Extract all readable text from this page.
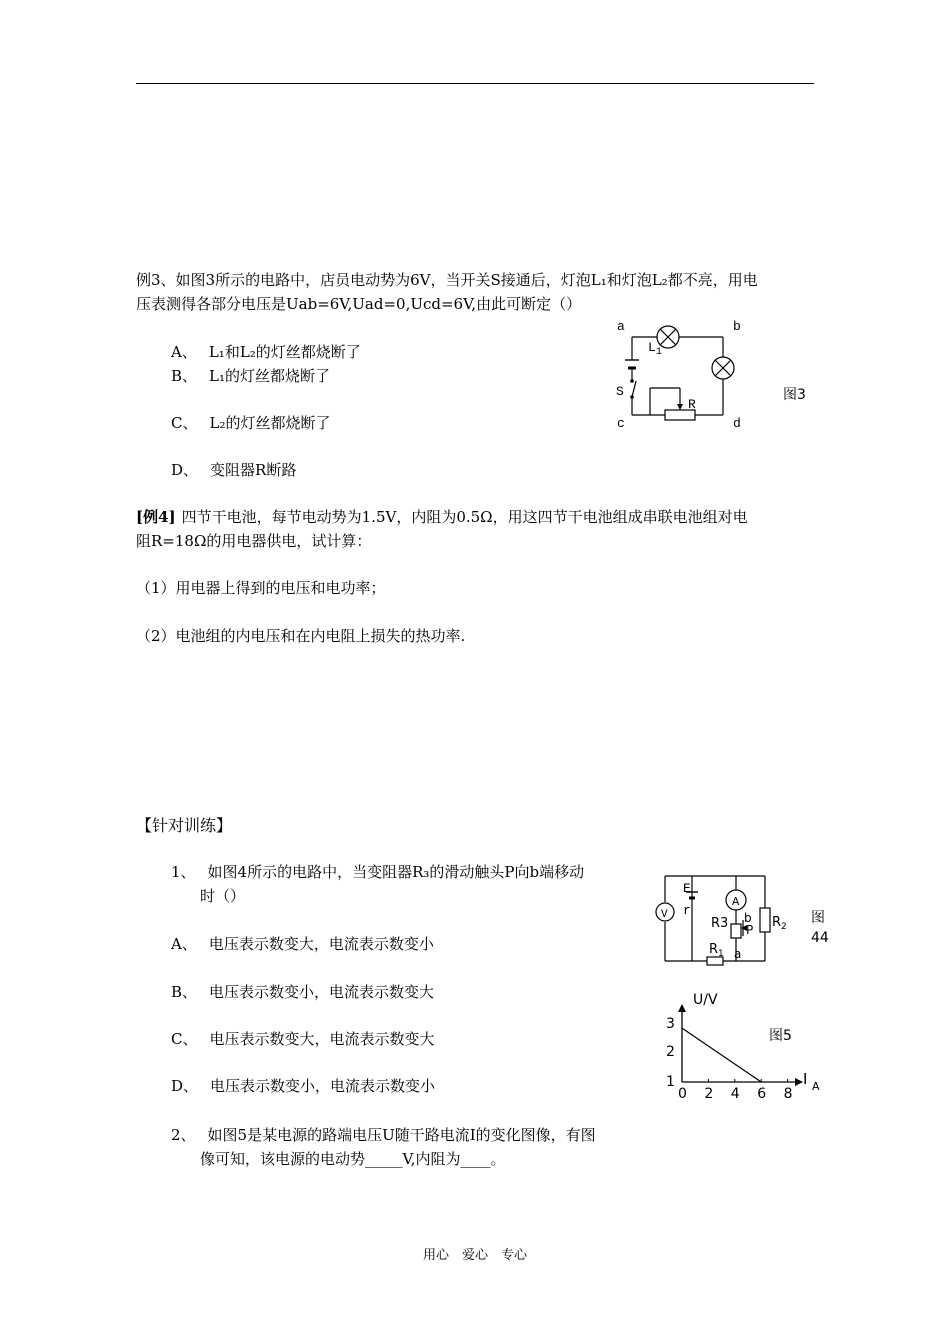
例3、如图3所示的电路中，店员电动势为6V，当开关S接通后，灯泡L₁和灯泡L₂都不亮，用电
压表测得各部分电压是Uab=6V,Uad=0,Ucd=6V,由此可断定（）
A、 L₁和L₂的灯丝都烧断了
B、 L₁的灯丝都烧断了
C、 L₂的灯丝都烧断了
D、 变阻器R断路
a	b
c	d
S
$L_1$
R
图3
[例4] 四节干电池，每节电动势为1.5V，内阻为0.5Ω，用这四节干电池组成串联电池组对电
阻R=18Ω的用电器供电，试计算：
（1）用电器上得到的电压和电功率；
（2）电池组的内电压和在内电阻上损失的热功率.
【针对训练】
1、 如图4所示的电路中，当变阻器R₃的滑动触头P向b端移动
时（）
A、 电压表示数变大，电流表示数变小
B、 电压表示数变小，电流表示数变大
C、 电压表示数变大，电流表示数变大
D、 电压表示数变小，电流表示数变小
V
A
E
r
R3 b
P
a
$R_1$
$R_2$
图
44
3
2
1
0 2 4 6 8
U/V
I A
图5
2、 如图5是某电源的路端电压U随干路电流I的变化图像，有图
像可知，该电源的电动势_____V,内阻为____。
用心　爱心　专心
